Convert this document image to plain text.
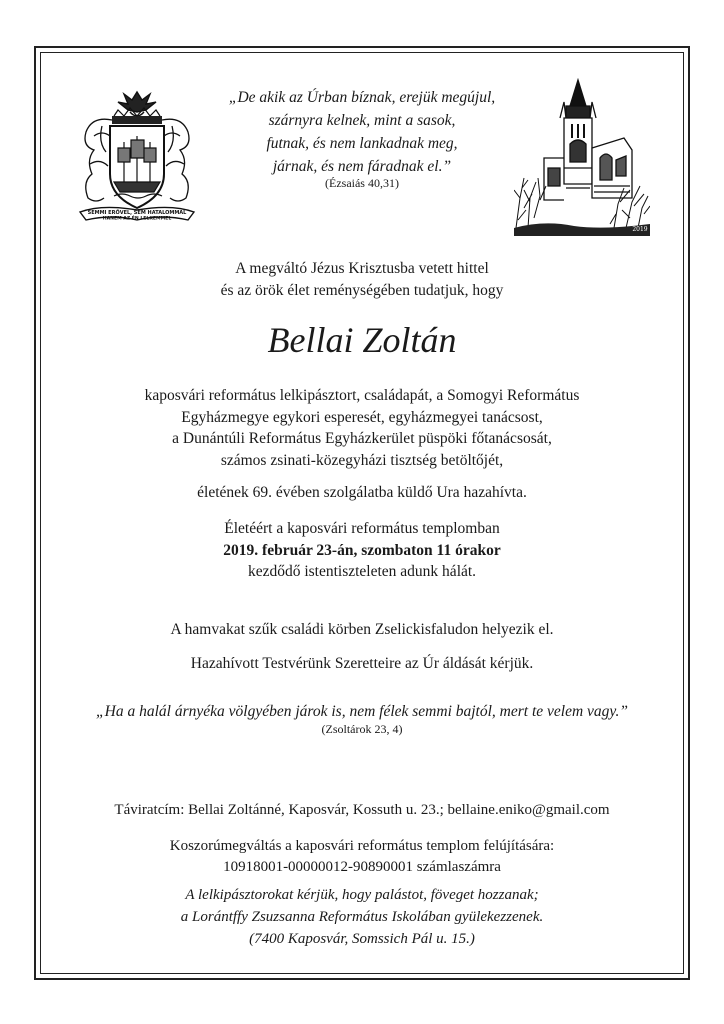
SEMMI ERŐVEL, SEM HATALOMMAL
HANEM AZ ÉN LELKEMMEL
2019
„De akik az Úrban bíznak, erejük megújul,
szárnyra kelnek, mint a sasok,
futnak, és nem lankadnak meg,
járnak, és nem fáradnak el.”
(Ézsaiás 40,31)
A megváltó Jézus Krisztusba vetett hittel
és az örök élet reménységében tudatjuk, hogy
Bellai Zoltán
kaposvári református lelkipásztort, családapát, a Somogyi Református
Egyházmegye egykori esperesét, egyházmegyei tanácsost,
a Dunántúli Református Egyházkerület püspöki főtanácsosát,
számos zsinati-közegyházi tisztség betöltőjét,
életének 69. évében szolgálatba küldő Ura hazahívta.
Életéért a kaposvári református templomban
2019. február 23-án, szombaton 11 órakor
kezdődő istentiszteleten adunk hálát.
A hamvakat szűk családi körben Zselickisfaludon helyezik el.
Hazahívott Testvérünk Szeretteire az Úr áldását kérjük.
„Ha a halál árnyéka völgyében járok is, nem félek semmi bajtól, mert te velem vagy.”
(Zsoltárok 23, 4)
Táviratcím: Bellai Zoltánné, Kaposvár, Kossuth u. 23.; bellaine.eniko@gmail.com
Koszorúmegváltás a kaposvári református templom felújítására:
10918001-00000012-90890001 számlaszámra
A lelkipásztorokat kérjük, hogy palástot, föveget hozzanak;
a Lorántffy Zsuzsanna Református Iskolában gyülekezzenek.
(7400 Kaposvár, Somssich Pál u. 15.)
